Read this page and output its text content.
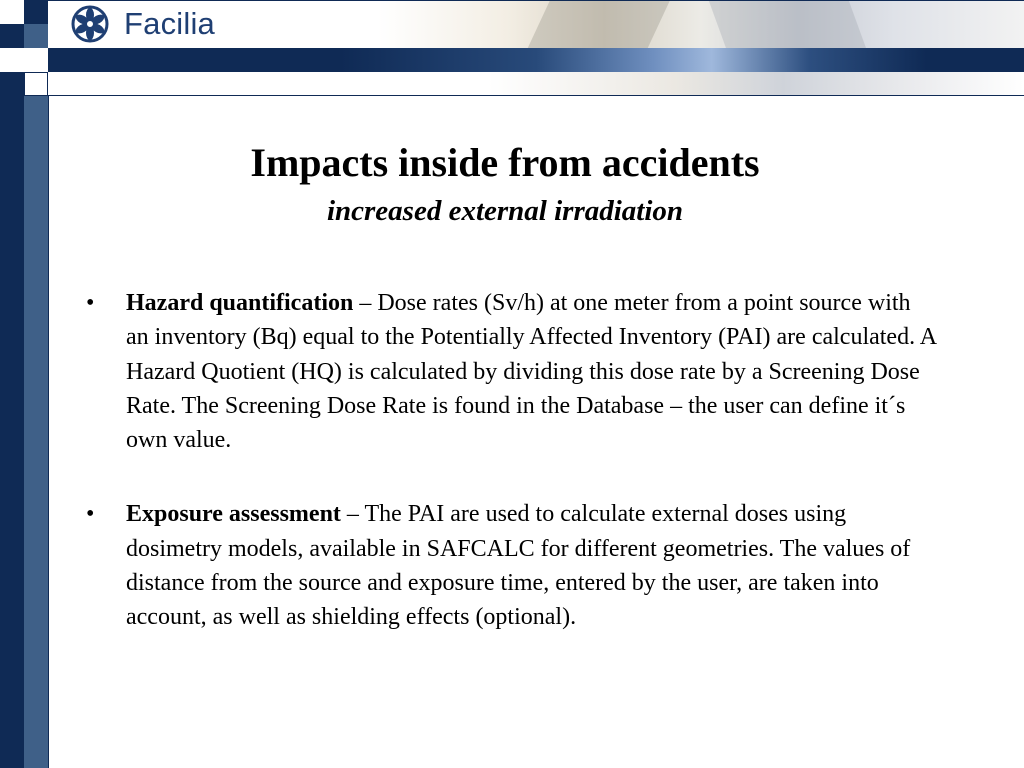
Facilia
Impacts inside from accidents
increased external irradiation
• Hazard quantification – Dose rates (Sv/h) at one meter from a point source with an inventory (Bq) equal to the Potentially Affected Inventory (PAI) are calculated. A Hazard Quotient (HQ) is calculated by dividing this dose rate by a Screening Dose Rate. The Screening Dose Rate is found in the Database – the user can define it´s own value.
• Exposure assessment – The PAI are used to calculate external doses using dosimetry models, available in SAFCALC for different geometries. The values of distance from the source and exposure time, entered by the user, are taken into account, as well as shielding effects (optional).
